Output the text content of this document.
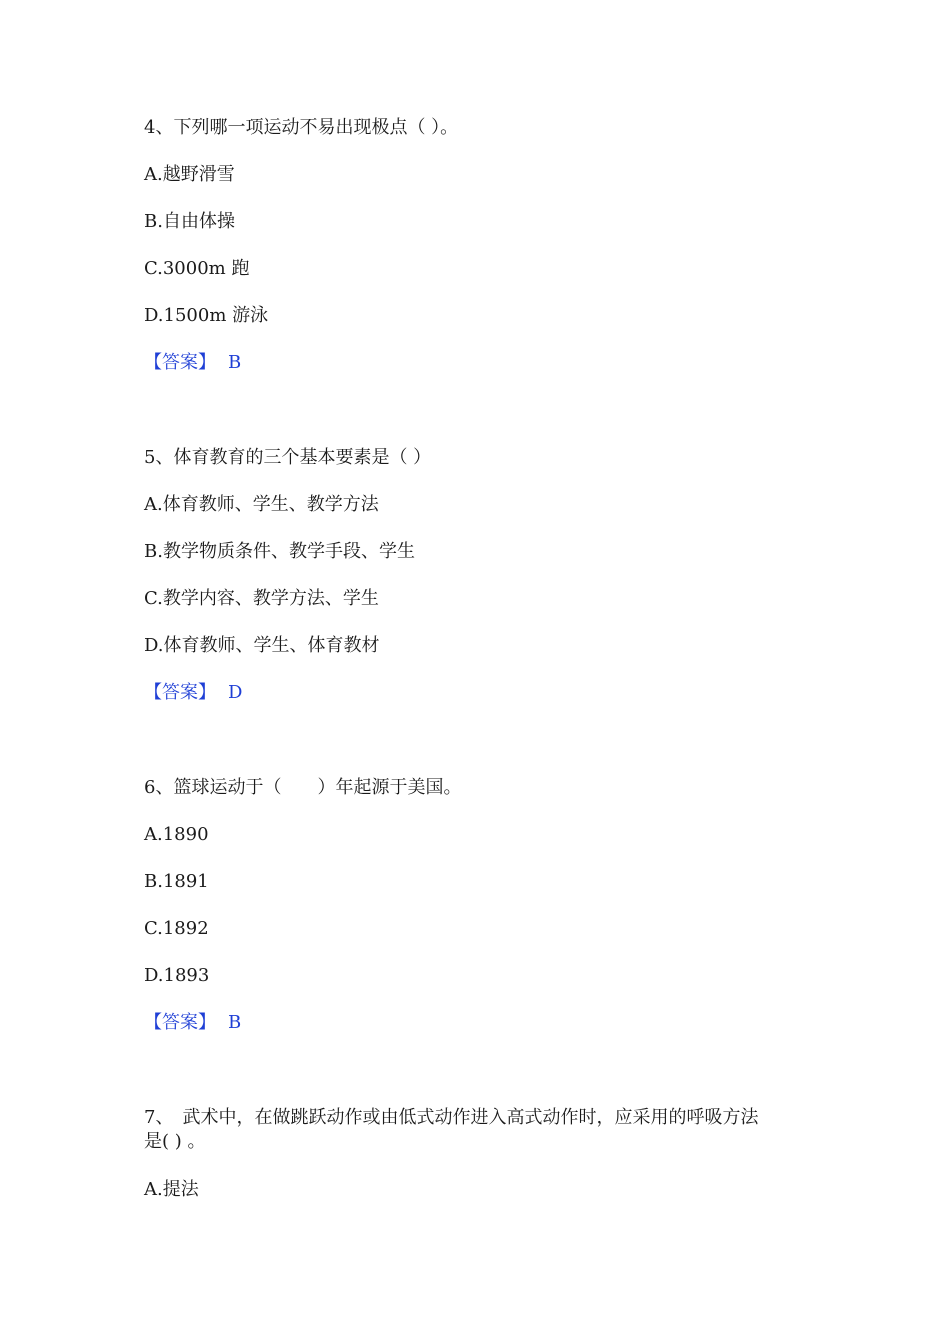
4、下列哪一项运动不易出现极点（ ）。
A.越野滑雪
B.自由体操
C.3000m 跑
D.1500m 游泳
【答案】 B
5、体育教育的三个基本要素是（ ）
A.体育教师、学生、教学方法
B.教学物质条件、教学手段、学生
C.教学内容、教学方法、学生
D.体育教师、学生、体育教材
【答案】 D
6、篮球运动于（　　）年起源于美国。
A.1890
B.1891
C.1892
D.1893
【答案】 B
7、　武术中，在做跳跃动作或由低式动作进入高式动作时，应采用的呼吸方法
是( ) 。
A.提法
